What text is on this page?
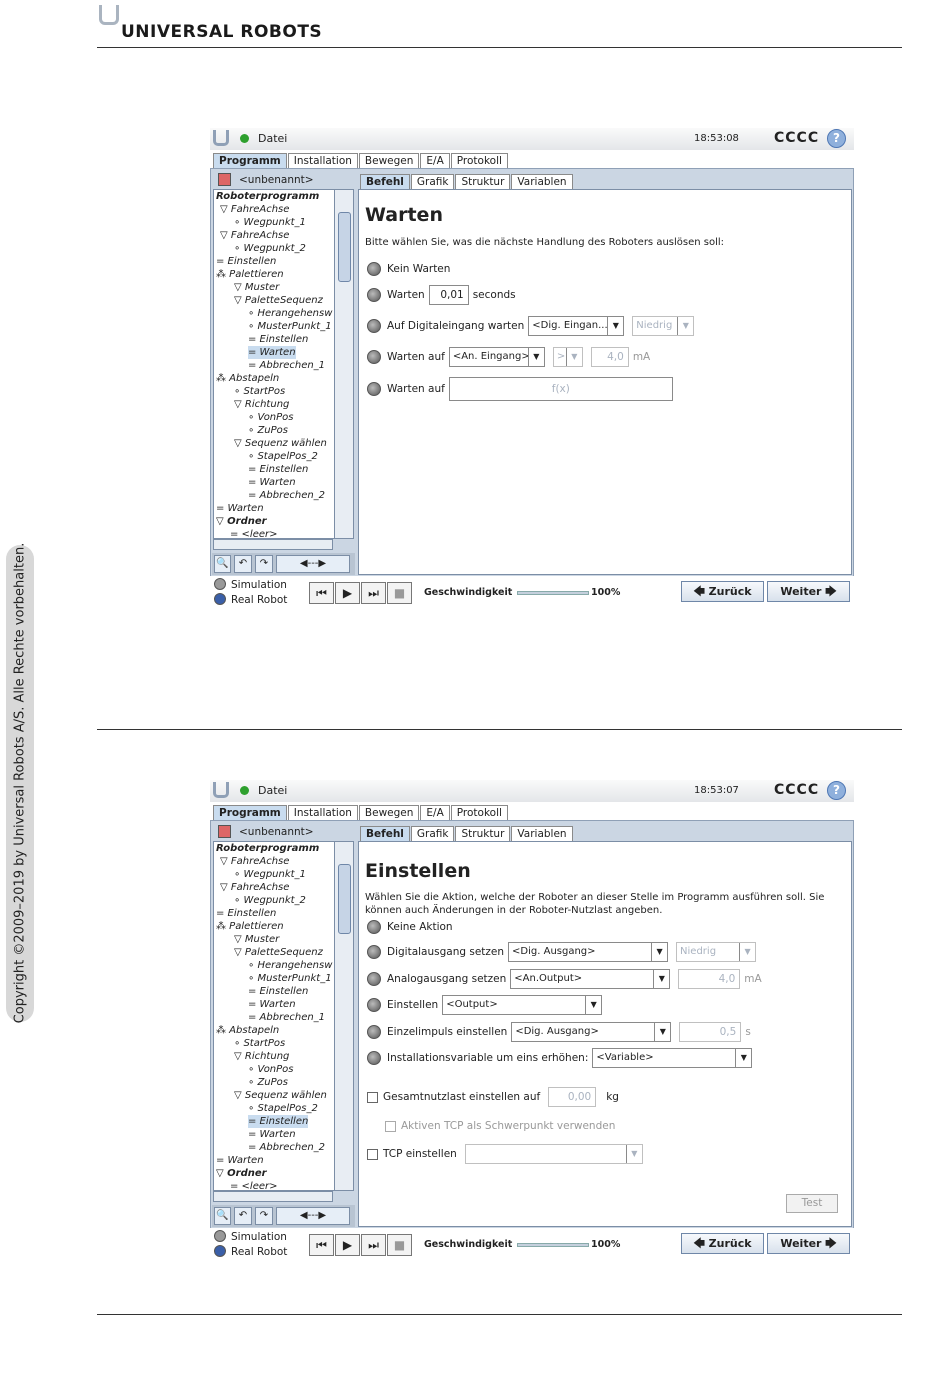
UNIVERSAL ROBOTS
Copyright ©2009–2019 by Universal Robots A/S. Alle Rechte vorbehalten.
Datei	18:53:08	CCCC	?
Programm	Installation	Bewegen	E/A	Protokoll
<unbenannt>	Befehl	Grafik	Struktur	Variablen
Roboterprogramm
▽ FahreAchse
∘ Wegpunkt_1
▽ FahreAchse
∘ Wegpunkt_2
= Einstellen
⁂ Palettieren
▽ Muster
▽ PaletteSequenz
∘ Herangehensw
∘ MusterPunkt_1
= Einstellen
= Warten
= Abbrechen_1
⁂ Abstapeln
∘ StartPos
▽ Richtung
∘ VonPos
∘ ZuPos
▽ Sequenz wählen
∘ StapelPos_2
= Einstellen
= Warten
= Abbrechen_2
= Warten
▽ Ordner
= <leer>
🔍	↶	↷	◀---▶
Warten
Bitte wählen Sie, was die nächste Handlung des Roboters auslösen soll:
Kein Warten
Warten	0,01 seconds
Auf Digitaleingang warten <Dig. Eingan... ▼	Niedrig	▼
Warten auf <An. Eingang> ▼	> ▼	4,0 mA
Warten auf	f(x)
Simulation
Real Robot	⏮	▶	⏭	■	Geschwindigkeit	100%	🡄 Zurück	Weiter 🡆
Datei	18:53:07	CCCC	?
Programm	Installation	Bewegen	E/A	Protokoll
<unbenannt>	Befehl	Grafik	Struktur	Variablen
Roboterprogramm
▽ FahreAchse
∘ Wegpunkt_1
▽ FahreAchse
∘ Wegpunkt_2
= Einstellen
⁂ Palettieren
▽ Muster
▽ PaletteSequenz
∘ Herangehensw
∘ MusterPunkt_1
= Einstellen
= Warten
= Abbrechen_1
⁂ Abstapeln
∘ StartPos
▽ Richtung
∘ VonPos
∘ ZuPos
▽ Sequenz wählen
∘ StapelPos_2
= Einstellen
= Warten
= Abbrechen_2
= Warten
▽ Ordner
= <leer>
🔍	↶	↷	◀---▶
Einstellen
Wählen Sie die Aktion, welche der Roboter an dieser Stelle im Programm ausführen soll. Sie können auch Änderungen in der Roboter-Nutzlast angeben.
Keine Aktion
Digitalausgang setzen <Dig. Ausgang>	▼	Niedrig	▼
Analogausgang setzen <An.Output>	▼	4,0 mA
Einstellen <Output>	▼
Einzelimpuls einstellen <Dig. Ausgang>	▼	0,5 s
Installationsvariable um eins erhöhen: <Variable>	▼
Gesamtnutzlast einstellen auf	0,00	kg
Aktiven TCP als Schwerpunkt verwenden
TCP einstellen	▼
Test
Simulation
Real Robot	⏮	▶	⏭	■	Geschwindigkeit	100%	🡄 Zurück	Weiter 🡆
